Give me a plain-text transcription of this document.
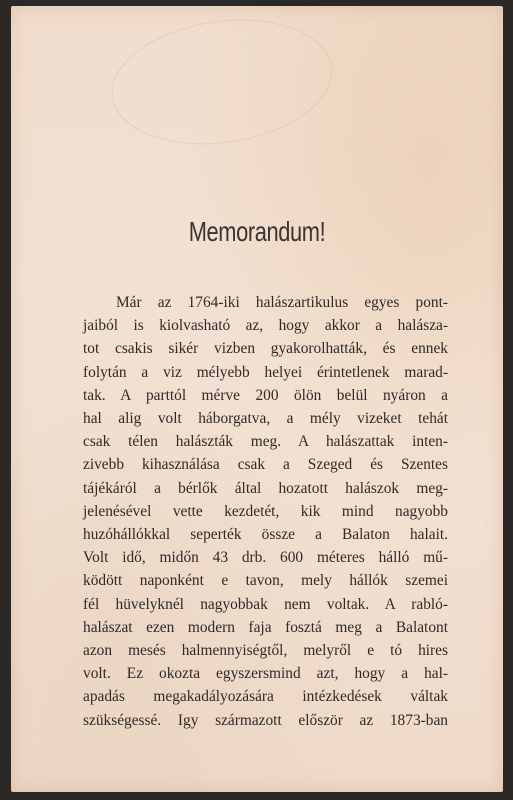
Memorandum!
Már az 1764-iki halászartikulus egyes pont-
jaiból is kiolvasható az, hogy akkor a halásza-
tot csakis sikér vizben gyakorolhatták, és ennek
folytán a viz mélyebb helyei érintetlenek marad-
tak. A parttól mérve 200 ölön belül nyáron a
hal alig volt háborgatva, a mély vizeket tehát
csak télen halászták meg. A halászattak inten-
zivebb kihasználása csak a Szeged és Szentes
tájékáról a bérlők által hozatott halászok meg-
jelenésével vette kezdetét, kik mind nagyobb
huzóhállókkal seperték össze a Balaton halait.
Volt idő, midőn 43 drb. 600 méteres hálló mű-
ködött naponként e tavon, mely hállók szemei
fél hüvelyknél nagyobbak nem voltak. A rabló-
halászat ezen modern faja fosztá meg a Balatont
azon mesés halmennyiségtől, melyről e tó hires
volt. Ez okozta egyszersmind azt, hogy a hal-
apadás megakadályozására intézkedések váltak
szükségessé. Igy származott először az 1873-ban
